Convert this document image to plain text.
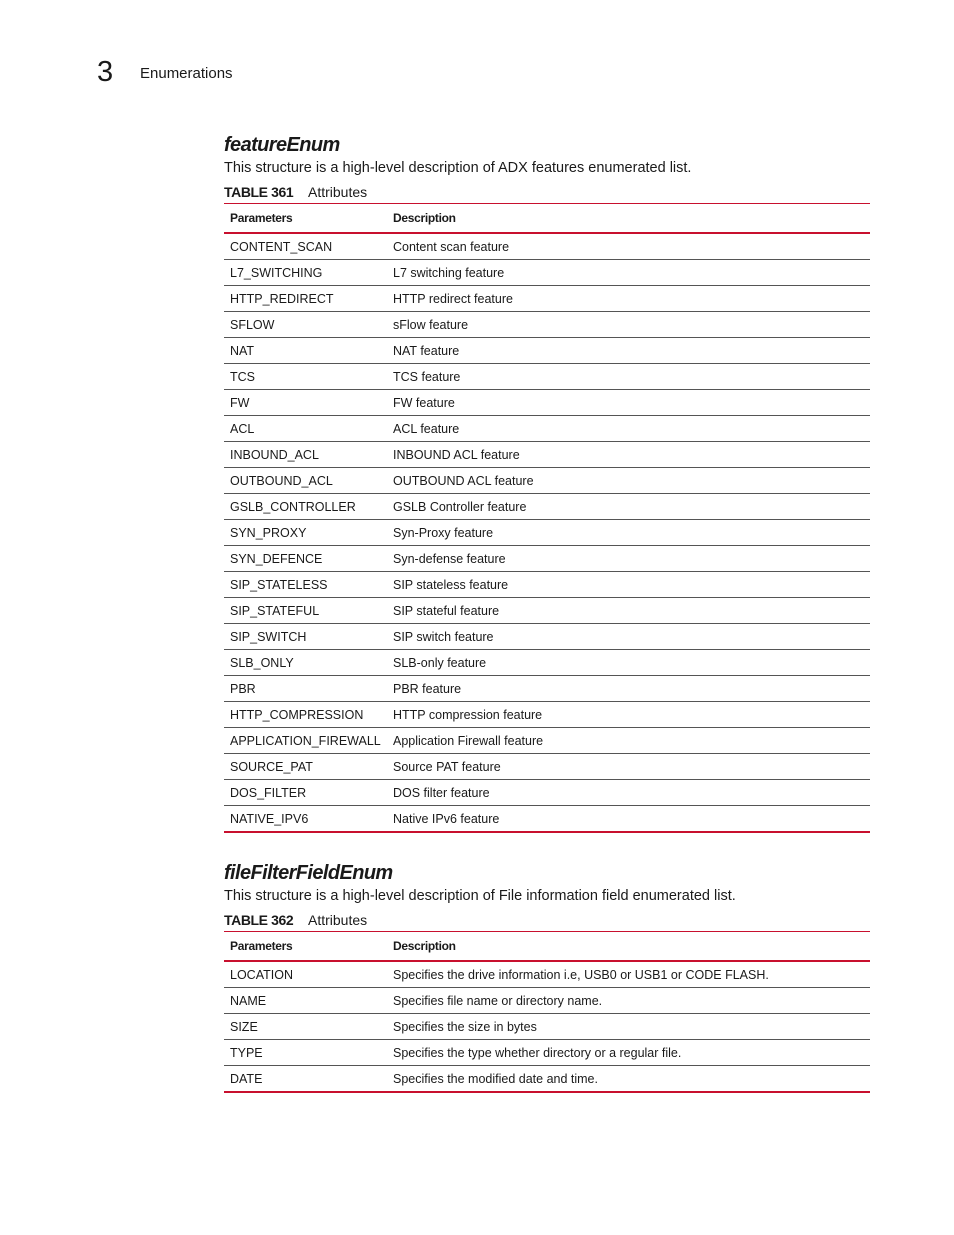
3 Enumerations
featureEnum

This structure is a high-level description of ADX features enumerated list.

TABLE 361 Attributes
Parameters	Description
CONTENT_SCAN	Content scan feature
L7_SWITCHING	L7 switching feature
HTTP_REDIRECT	HTTP redirect feature
SFLOW	sFlow feature
NAT	NAT feature
TCS	TCS feature
FW	FW feature
ACL	ACL feature
INBOUND_ACL	INBOUND ACL feature
OUTBOUND_ACL	OUTBOUND ACL feature
GSLB_CONTROLLER	GSLB Controller feature
SYN_PROXY	Syn-Proxy feature
SYN_DEFENCE	Syn-defense feature
SIP_STATELESS	SIP stateless feature
SIP_STATEFUL	SIP stateful feature
SIP_SWITCH	SIP switch feature
SLB_ONLY	SLB-only feature
PBR	PBR feature
HTTP_COMPRESSION	HTTP compression feature
APPLICATION_FIREWALL	Application Firewall feature
SOURCE_PAT	Source PAT feature
DOS_FILTER	DOS filter feature
NATIVE_IPV6	Native IPv6 feature
fileFilterFieldEnum

This structure is a high-level description of File information field enumerated list.

TABLE 362 Attributes
Parameters	Description
LOCATION	Specifies the drive information i.e, USB0 or USB1 or CODE FLASH.
NAME	Specifies file name or directory name.
SIZE	Specifies the size in bytes
TYPE	Specifies the type whether directory or a regular file.
DATE	Specifies the modified date and time.
